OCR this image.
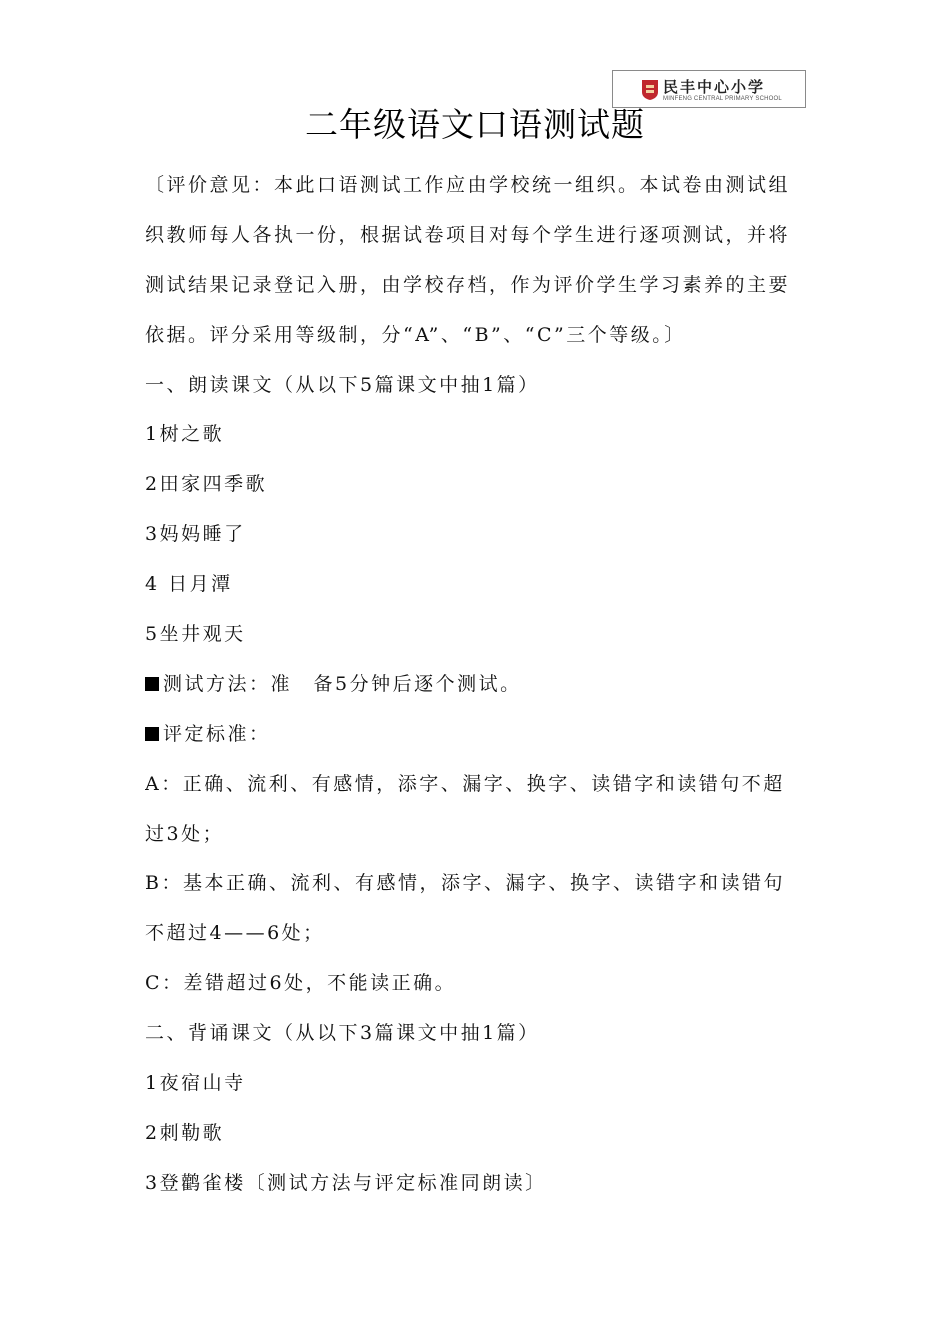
民丰中心小学
MINFENG CENTRAL PRIMARY SCHOOL
二年级语文口语测试题
〔评价意见：本此口语测试工作应由学校统一组织。本试卷由测试组
织教师每人各执一份，根据试卷项目对每个学生进行逐项测试，并将
测试结果记录登记入册，由学校存档，作为评价学生学习素养的主要
依据。评分采用等级制，分“A”、“B”、“C”三个等级。〕
一、朗读课文（从以下5篇课文中抽1篇）
1树之歌
2田家四季歌
3妈妈睡了
4 日月潭
5坐井观天
测试方法：准　备5分钟后逐个测试。
评定标准：
A：正确、流利、有感情，添字、漏字、换字、读错字和读错句不超
过3处；
B：基本正确、流利、有感情，添字、漏字、换字、读错字和读错句
不超过4——6处；
C：差错超过6处，不能读正确。
二、背诵课文（从以下3篇课文中抽1篇）
1夜宿山寺
2刺勒歌
3登鹳雀楼〔测试方法与评定标准同朗读〕
